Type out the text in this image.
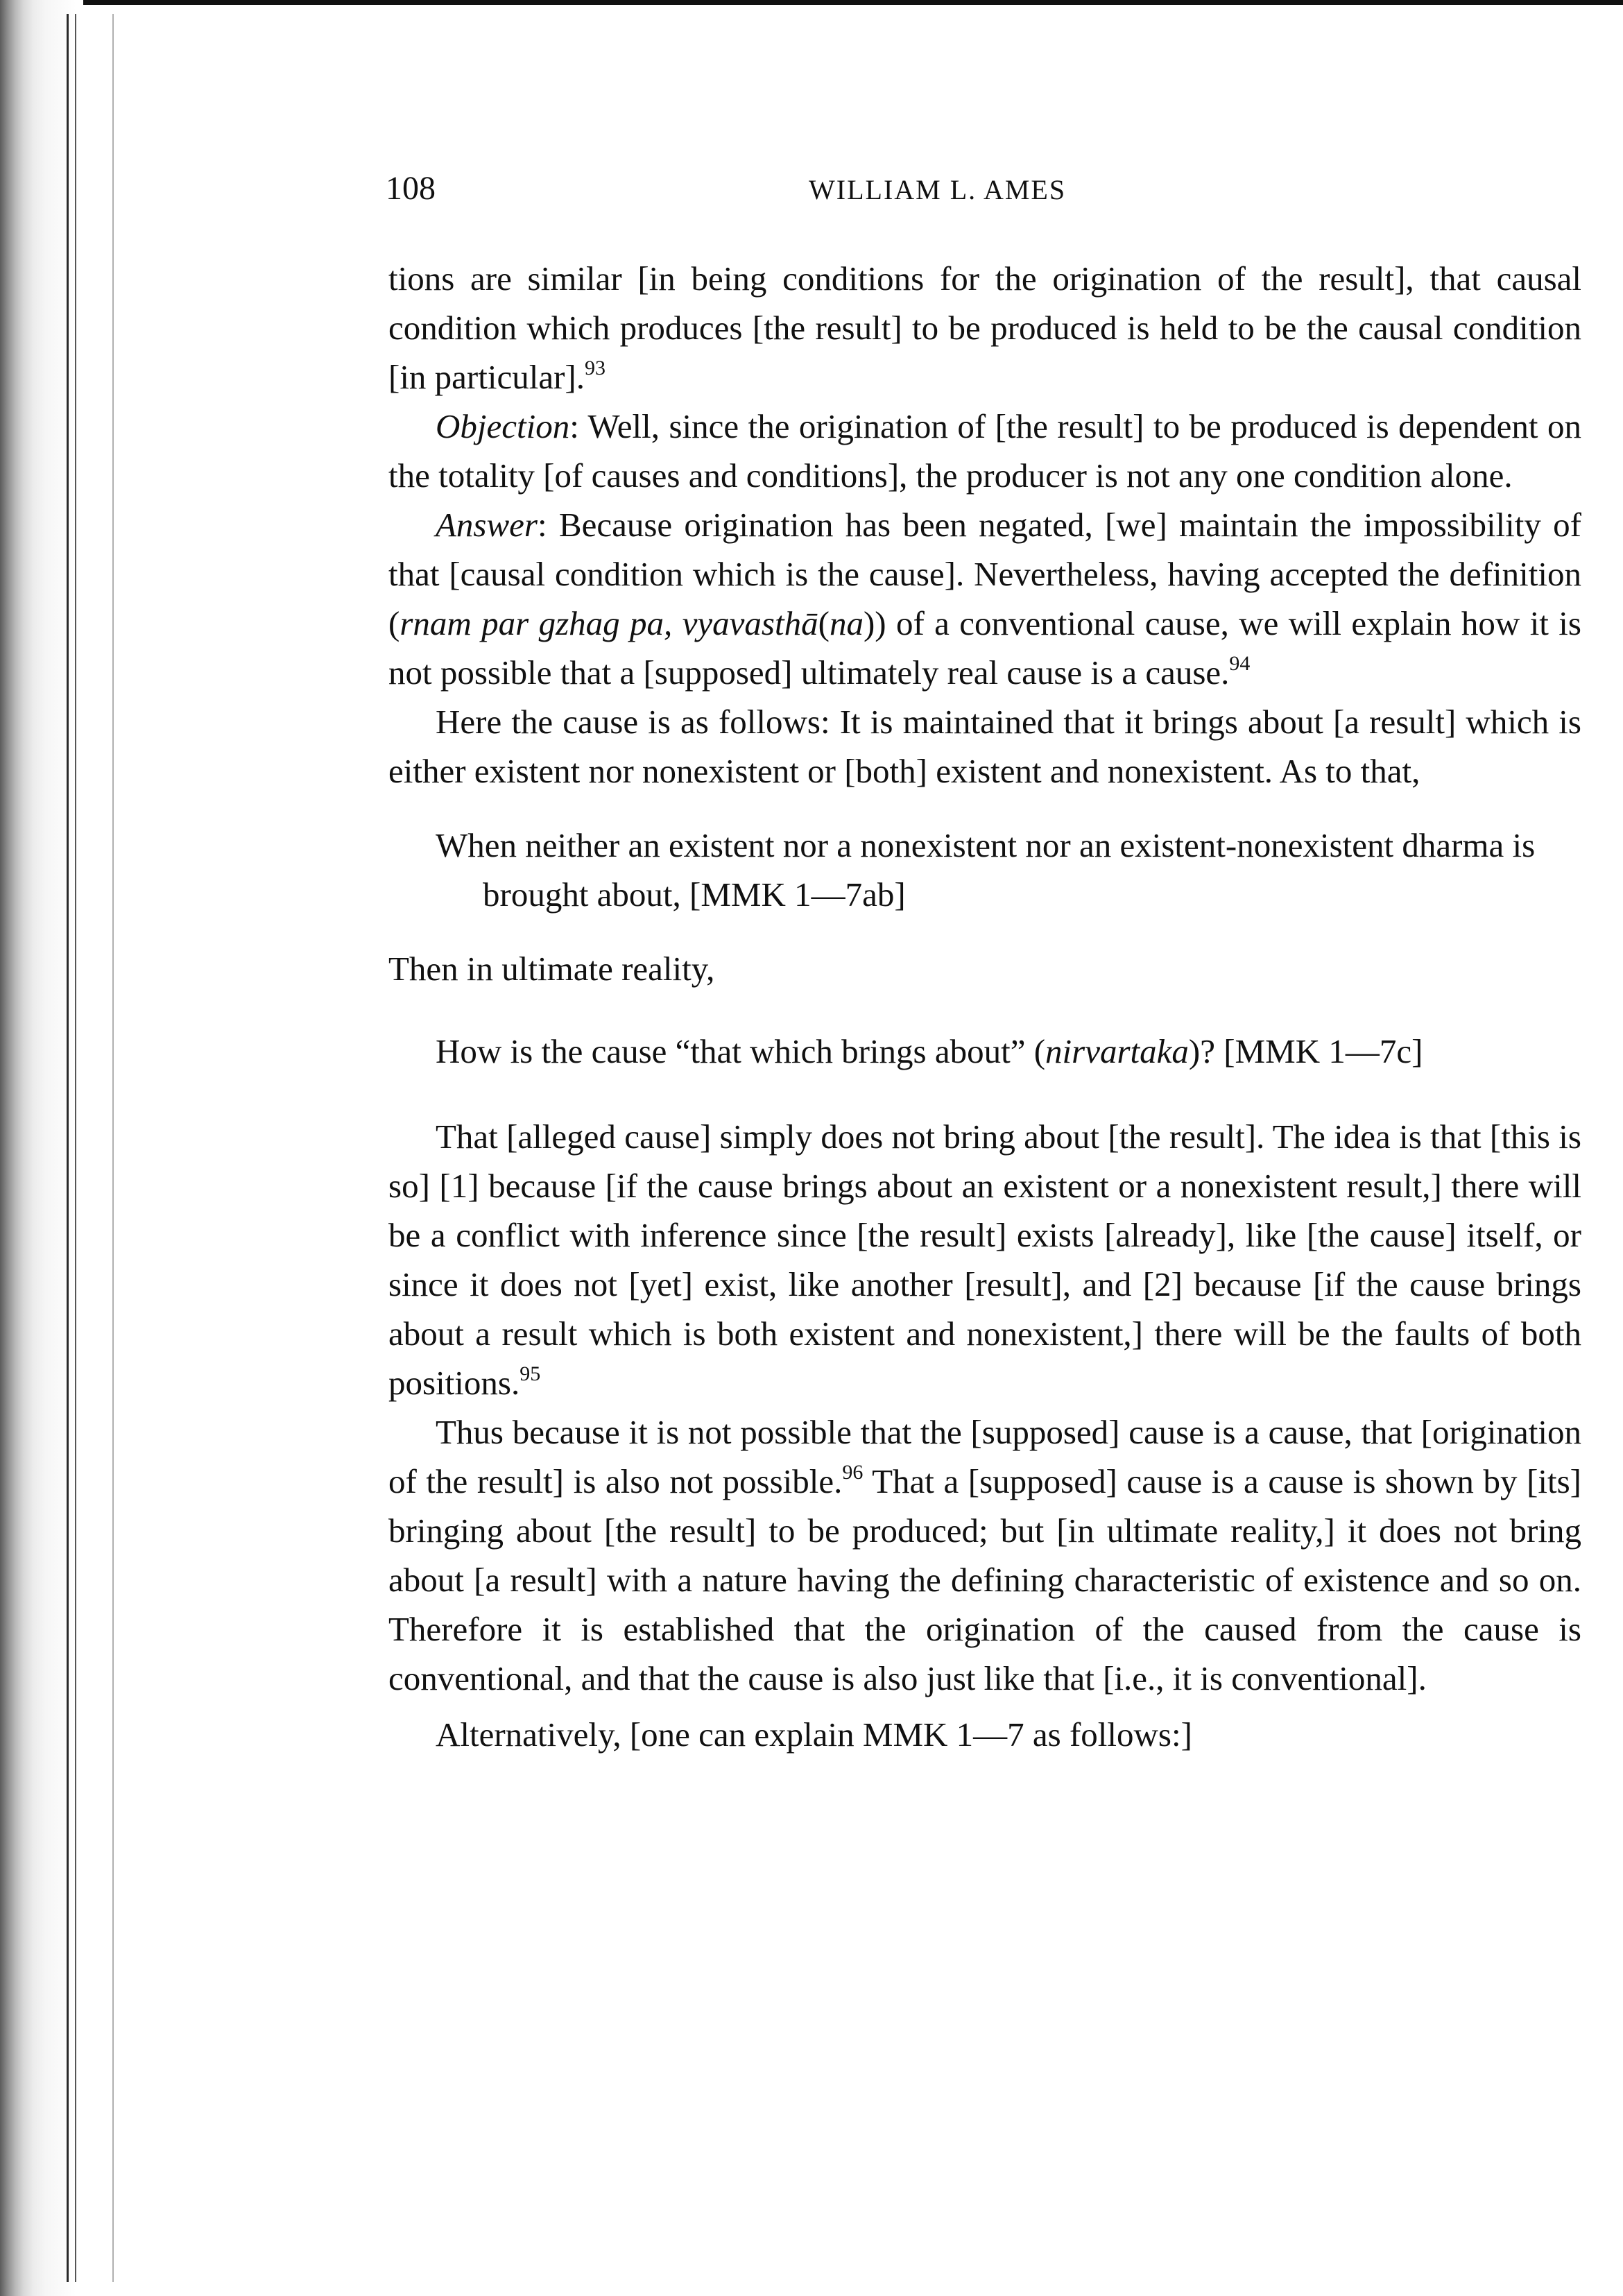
108	WILLIAM L. AMES

tions are similar [in being conditions for the origination of the result], that causal condition which produces [the result] to be produced is held to be the causal condition [in particular].$^{93}$

Objection: Well, since the origination of [the result] to be produced is dependent on the totality [of causes and conditions], the producer is not any one condition alone.

Answer: Because origination has been negated, [we] maintain the impossibility of that [causal condition which is the cause]. Nevertheless, having accepted the definition (rnam par gzhag pa, vyavasthā(na)) of a conventional cause, we will explain how it is not possible that a [supposed] ultimately real cause is a cause.$^{94}$

Here the cause is as follows: It is maintained that it brings about [a result] which is either existent nor nonexistent or [both] existent and nonexistent. As to that,

When neither an existent nor a nonexistent nor an existent-nonexistent dharma is brought about, [MMK 1—7ab]

Then in ultimate reality,

How is the cause “that which brings about” (nirvartaka)? [MMK 1—7c]

That [alleged cause] simply does not bring about [the result]. The idea is that [this is so] [1] because [if the cause brings about an existent or a nonexistent result,] there will be a conflict with inference since [the result] exists [already], like [the cause] itself, or since it does not [yet] exist, like another [result], and [2] because [if the cause brings about a result which is both existent and nonexistent,] there will be the faults of both positions.$^{95}$

Thus because it is not possible that the [supposed] cause is a cause, that [origination of the result] is also not possible.$^{96}$ That a [supposed] cause is a cause is shown by [its] bringing about [the result] to be produced; but [in ultimate reality,] it does not bring about [a result] with a nature having the defining characteristic of existence and so on. Therefore it is established that the origination of the caused from the cause is conventional, and that the cause is also just like that [i.e., it is conventional].

Alternatively, [one can explain MMK 1—7 as follows:]
